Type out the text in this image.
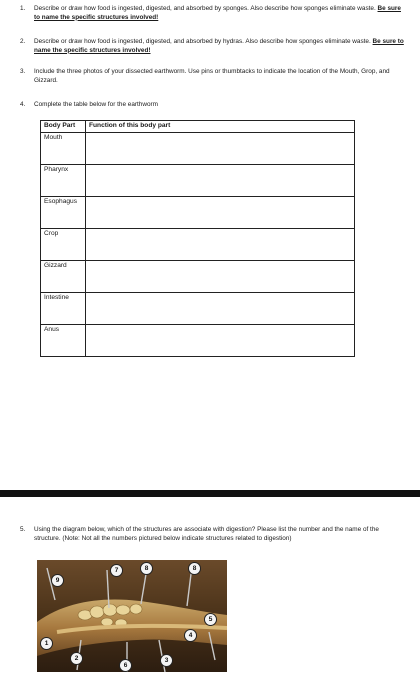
1.	Describe or draw how food is ingested, digested, and absorbed by sponges. Also describe how sponges eliminate waste. Be sure to name the specific structures involved!
2.	Describe or draw how food is ingested, digested, and absorbed by hydras. Also describe how sponges eliminate waste. Be sure to name the specific structures involved!
3.	Include the three photos of your dissected earthworm. Use pins or thumbtacks to indicate the location of the Mouth, Grop, and Gizzard.
4.	Complete the table below for the earthworm
Body Part	Function of this body part
Mouth	
Pharynx	
Esophagus	
Crop	
Gizzard	
Intestine	
Anus	
5.	Using the diagram below, which of the structures are associate with digestion? Please list the number and the name of the structure. (Note: Not all the numbers pictured below indicate structures related to digestion)
9
7	8	8
5
4
1
2
6
3
